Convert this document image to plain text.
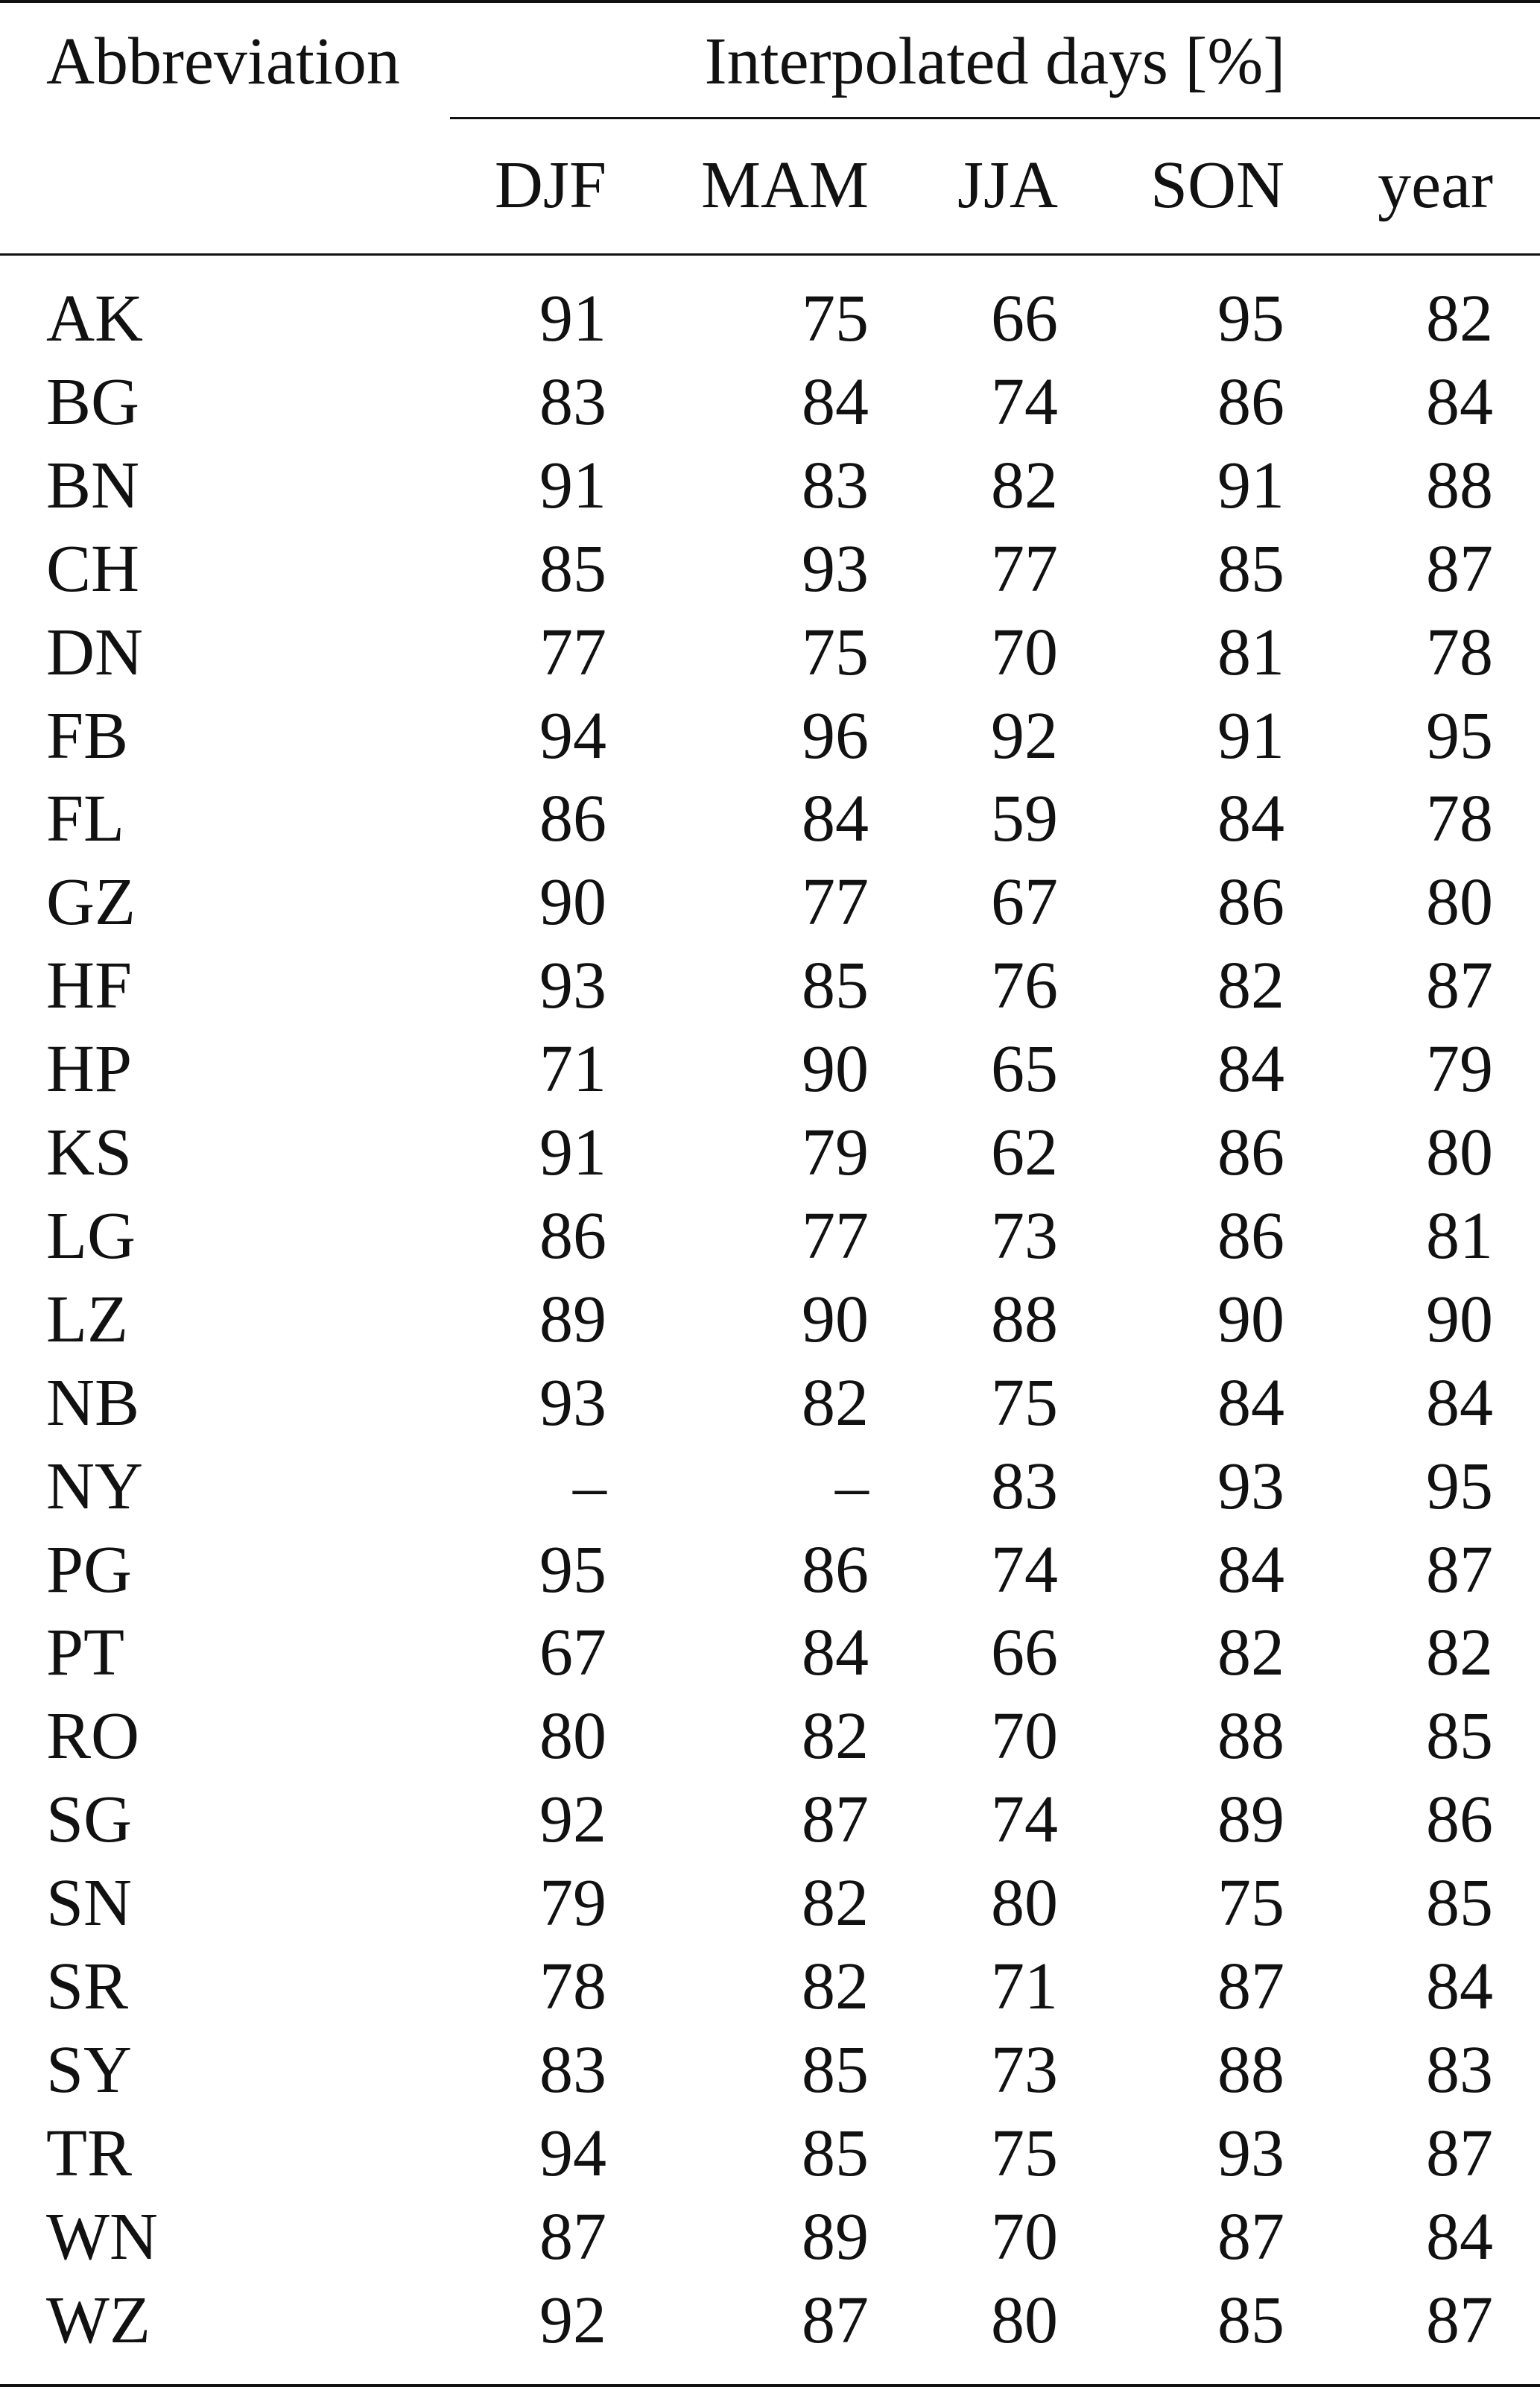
Abbreviation	Interpolated days [%]
DJF MAM JJA SON year
AK	91	75 66 95 82
BG	83	84 74 86 84
BN	91	83 82 91 88
CH	85	93 77 85 87
DN	77	75 70 81 78
FB	94	96 92 91 95
FL	86	84 59 84 78
GZ	90	77 67 86 80
HF	93	85 76 82 87
HP	71	90 65 84 79
KS	91	79 62 86 80
LG	86	77 73 86 81
LZ	89	90 88 90 90
NB	93	82 75 84 84
NY	–	– 83 93 95
PG	95	86 74 84 87
PT	67	84 66 82 82
RO	80	82 70 88 85
SG	92	87 74 89 86
SN	79	82 80 75 85
SR	78	82 71 87 84
SY	83	85 73 88 83
TR	94	85 75 93 87
WN	87	89 70 87 84
WZ	92	87 80 85 87
